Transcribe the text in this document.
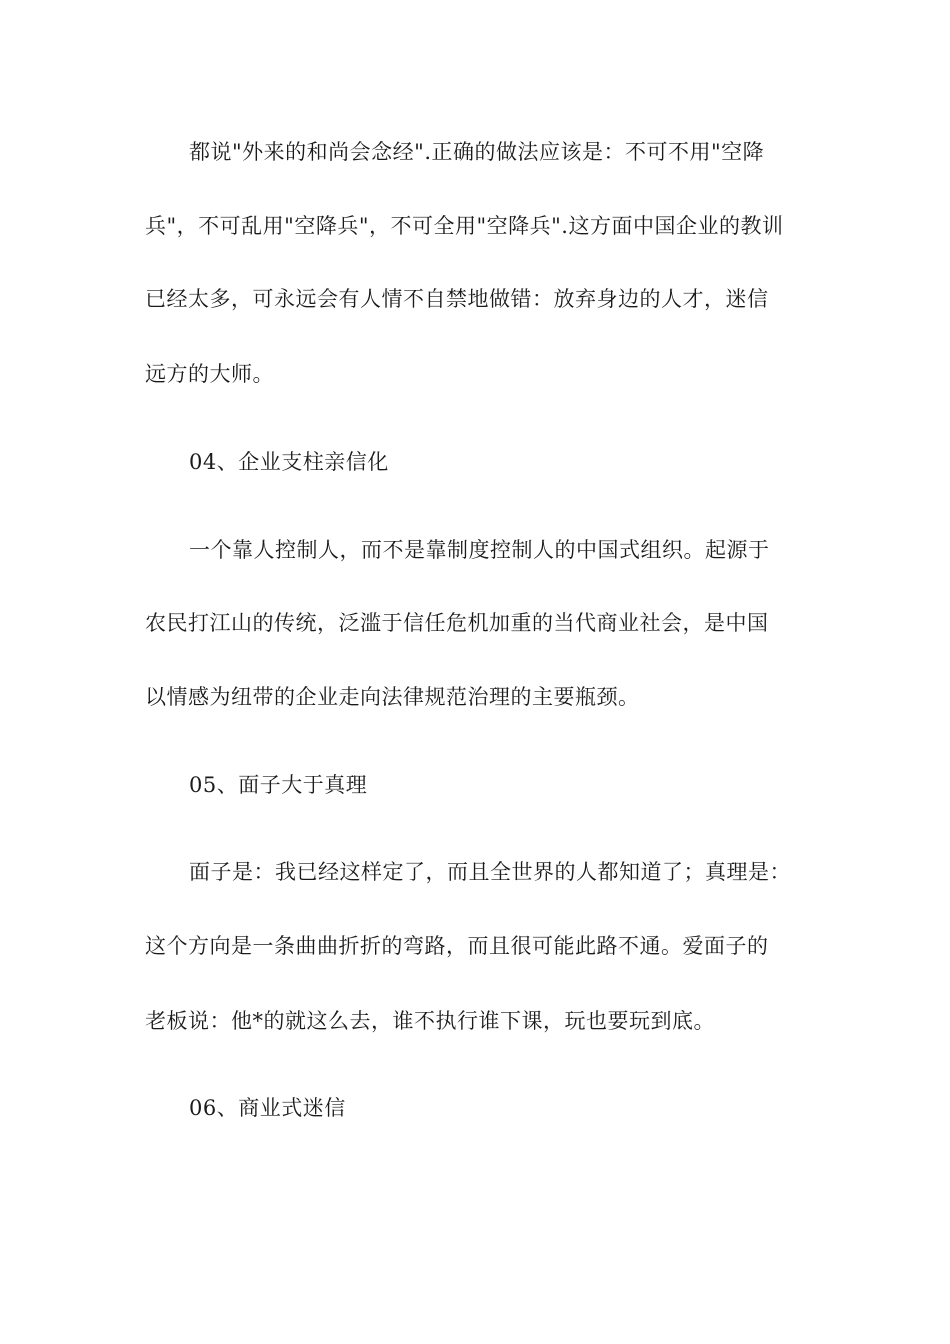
都说"外来的和尚会念经".正确的做法应该是：不可不用"空降

兵"，不可乱用"空降兵"，不可全用"空降兵".这方面中国企业的教训

已经太多，可永远会有人情不自禁地做错：放弃身边的人才，迷信

远方的大师。

04、企业支柱亲信化

一个靠人控制人，而不是靠制度控制人的中国式组织。起源于

农民打江山的传统，泛滥于信任危机加重的当代商业社会，是中国

以情感为纽带的企业走向法律规范治理的主要瓶颈。

05、面子大于真理

面子是：我已经这样定了，而且全世界的人都知道了；真理是：

这个方向是一条曲曲折折的弯路，而且很可能此路不通。爱面子的

老板说：他*的就这么去，谁不执行谁下课，玩也要玩到底。

06、商业式迷信
